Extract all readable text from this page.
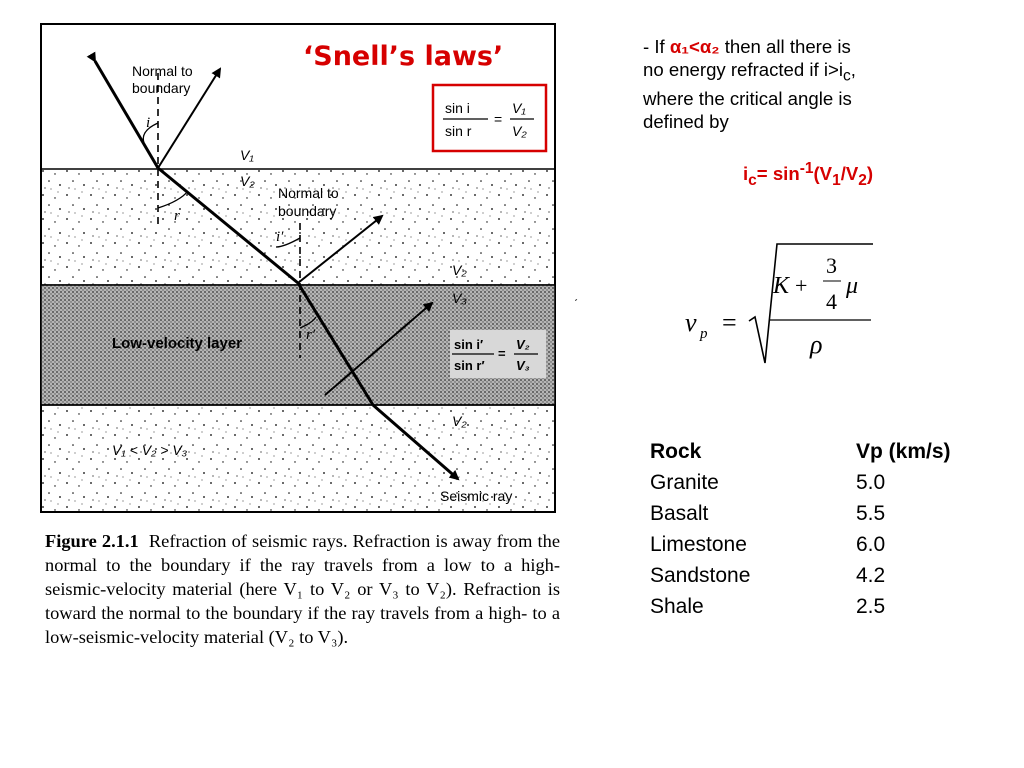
Normal to
boundary
Normal to
boundary
i
r
i′
r′
V₁
V₂
V₂
V₃
V₂
Low-velocity layer
V₁ < V₂ > V₃
Seismic ray
‘Snell’s laws’
sin i
sin r
=
V₁
V₂
sin i′
sin r′
=
V₂
V₃
Figure 2.1.1 Refraction of seismic rays. Refraction is away from the normal to the boundary if the ray travels from a low to a high-seismic-velocity material (here V₁ to V₂ or V₃ to V₂). Refraction is toward the normal to the boundary if the ray travels from a high- to a low-seismic-velocity material (V₂ to V₃).
- If α₁<α₂ then all there is
no energy refracted if $i>i_c$,
where the critical angle is
defined by
$i_c= \sin^{-1}(V_1/V_2)$
ˊ
v p =
K +
3
4
μ
ρ
Rock	Vp (km/s)
Granite	5.0
Basalt	5.5
Limestone	6.0
Sandstone	4.2
Shale	2.5
